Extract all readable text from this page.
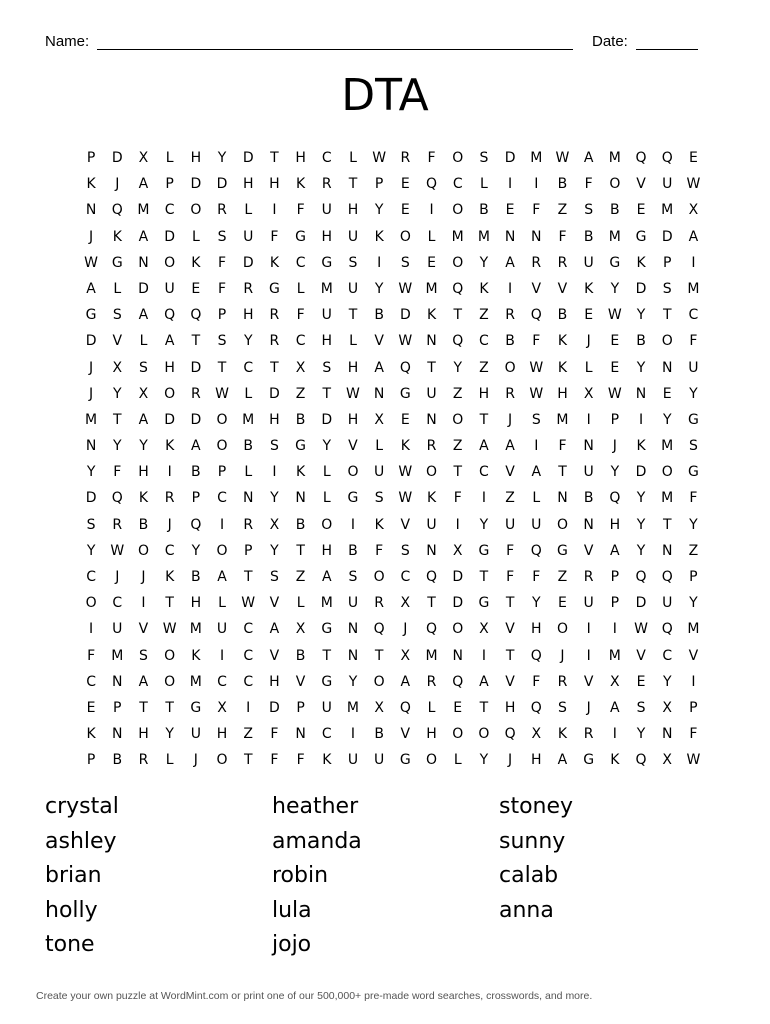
Name:	Date:
DTA
P	D	X	L	H	Y	D	T	H	C	L	W	R	F	O	S	D	M W	A	M	Q	Q	E
K	J	A	P	D	D	H	H	K	R	T	P	E	Q	C	L	I	I	B	F	O	V	U	W
N	Q	M	C	O	R	L	I	F	U	H	Y	E	I	O	B	E	F	Z	S	B	E	M	X
J	K	A	D	L	S	U	F	G	H	U	K	O	L	M	M	N	N	F	B	M	G	D	A
W G	N	O	K	F	D	K	C	G	S	I	S	E	O	Y	A	R	R	U	G	K	P	I
A	L	D	U	E	F	R	G	L	M	U	Y	W M	Q	K	I	V	V	K	Y	D	S	M
G	S	A	Q	Q	P	H	R	F	U	T	B	D	K	T	Z	R	Q	B	E	W	Y	T	C
D	V	L	A	T	S	Y	R	C	H	L	V	W	N	Q	C	B	F	K	J	E	B	O	F
J	X	S	H	D	T	C	T	X	S	H	A	Q	T	Y	Z	O W	K	L	E	Y	N	U
J	Y	X	O	R	W	L	D	Z	T	W	N	G	U	Z	H	R	W	H	X	W	N	E	Y
M	T	A	D	D	O	M	H	B	D	H	X	E	N	O	T	J	S	M	I	P	I	Y	G
N	Y	Y	K	A	O	B	S	G	Y	V	L	K	R	Z	A	A	I	F	N	J	K	M	S
Y	F	H	I	B	P	L	I	K	L	O	U	W O	T	C	V	A	T	U	Y	D	O	G
D	Q	K	R	P	C	N	Y	N	L	G	S	W	K	F	I	Z	L	N	B	Q	Y	M	F
S	R	B	J	Q	I	R	X	B	O	I	K	V	U	I	Y	U	U	O	N	H	Y	T	Y
Y	W O	C	Y	O	P	Y	T	H	B	F	S	N	X	G	F	Q	G	V	A	Y	N	Z
C	J	J	K	B	A	T	S	Z	A	S	O	C	Q	D	T	F	F	Z	R	P	Q	Q	P
O	C	I	T	H	L	W	V	L	M	U	R	X	T	D	G	T	Y	E	U	P	D	U	Y
I	U	V	W M	U	C	A	X	G	N	Q	J	Q	O	X	V	H	O	I	I	W Q	M
F	M	S	O	K	I	C	V	B	T	N	T	X	M	N	I	T	Q	J	I	M	V	C	V
C	N	A	O	M	C	C	H	V	G	Y	O	A	R	Q	A	V	F	R	V	X	E	Y	I
E	P	T	T	G	X	I	D	P	U	M	X	Q	L	E	T	H	Q	S	J	A	S	X	P
K	N	H	Y	U	H	Z	F	N	C	I	B	V	H	O	O	Q	X	K	R	I	Y	N	F
P	B	R	L	J	O	T	F	F	K	U	U	G	O	L	Y	J	H	A	G	K	Q	X	W
crystal
ashley
brian
holly
tone
heather
amanda
robin
lula
jojo
stoney
sunny
calab
anna
Create your own puzzle at WordMint.com or print one of our 500,000+ pre-made word searches, crosswords, and more.
